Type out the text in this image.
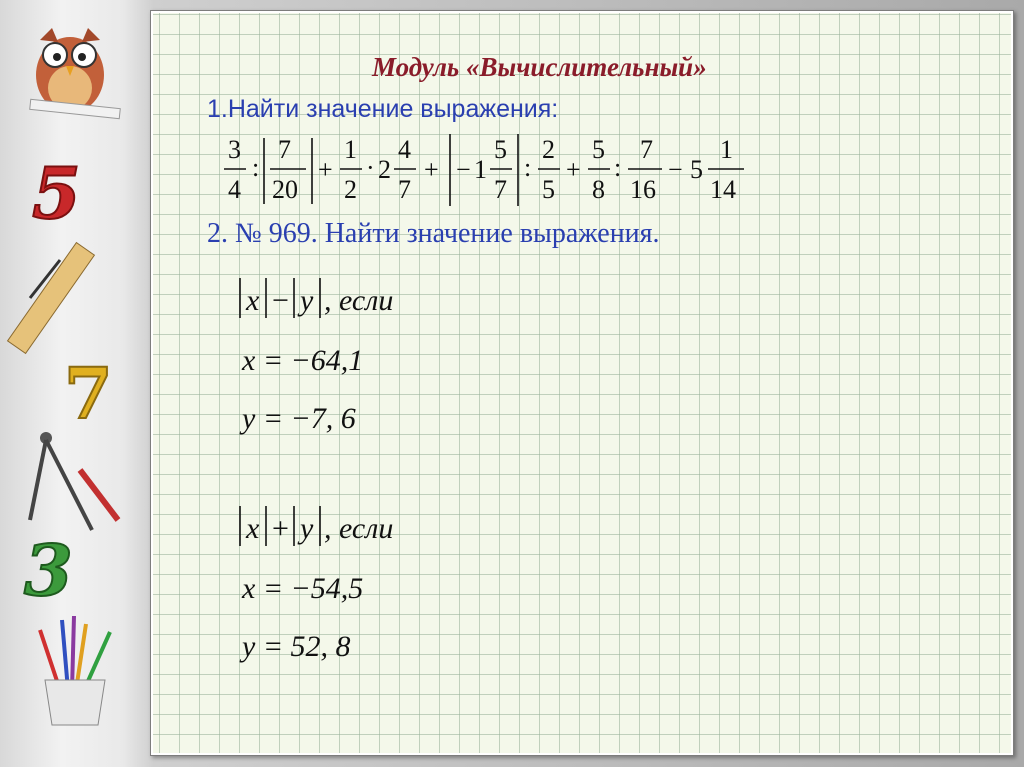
5
7
3
Модуль «Вычислительный»
1.Найти значение выражения:
3
4
:
7
20
+
1
2
· 2
4
7
+ − 1
5
7
:
2
5
+
5
8
:
7
16
− 5
1
14
2. № 969. Найти значение выражения.
x − y , если
x = −64,1
y = −7, 6
x + y , если
x = −54,5
y = 52, 8
